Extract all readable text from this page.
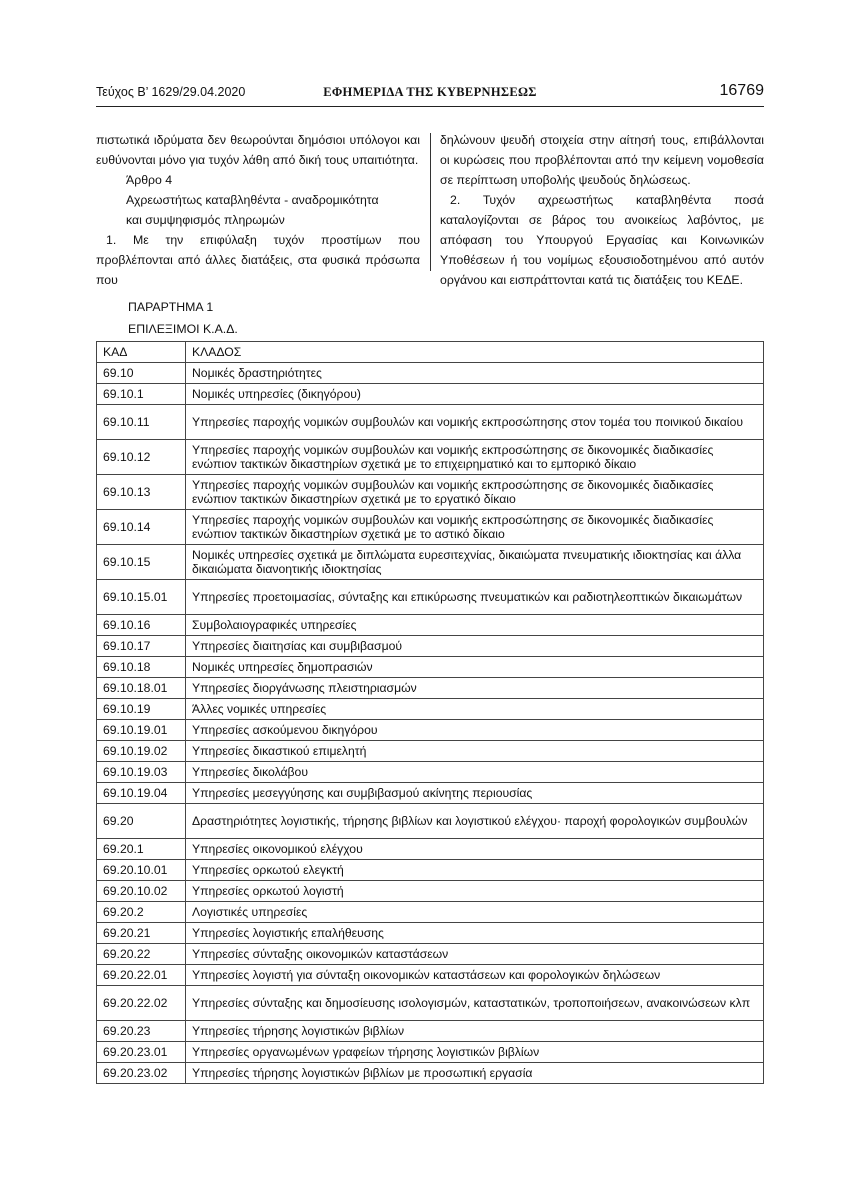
Τεύχος Β’ 1629/29.04.2020	ΕΦΗΜΕΡΙΔΑ ΤΗΣ ΚΥΒΕΡΝΗΣΕΩΣ	16769

πιστωτικά ιδρύματα δεν θεωρούνται δημόσιοι υπόλογοι και ευθύνονται μόνο για τυχόν λάθη από δική τους υπαιτιότητα.

Άρθρο 4

Αχρεωστήτως καταβληθέντα - αναδρομικότητα

και συμψηφισμός πληρωμών

1. Με την επιφύλαξη τυχόν προστίμων που προβλέπονται από άλλες διατάξεις, στα φυσικά πρόσωπα που

δηλώνουν ψευδή στοιχεία στην αίτησή τους, επιβάλλονται οι κυρώσεις που προβλέπονται από την κείμενη νομοθεσία σε περίπτωση υποβολής ψευδούς δηλώσεως.

2. Τυχόν αχρεωστήτως καταβληθέντα ποσά καταλογίζονται σε βάρος του ανοικείως λαβόντος, με απόφαση του Υπουργού Εργασίας και Κοινωνικών Υποθέσεων ή του νομίμως εξουσιοδοτημένου από αυτόν οργάνου και εισπράττονται κατά τις διατάξεις του ΚΕΔΕ.

ΠΑΡΑΡΤΗΜΑ 1
ΕΠΙΛΕΞΙΜΟΙ Κ.Α.Δ.
ΚΑΔ	ΚΛΑΔΟΣ
69.10	Νομικές δραστηριότητες
69.10.1	Νομικές υπηρεσίες (δικηγόρου)
69.10.11	Υπηρεσίες παροχής νομικών συμβουλών και νομικής εκπροσώπησης στον τομέα του ποινικού δικαίου
69.10.12	Υπηρεσίες παροχής νομικών συμβουλών και νομικής εκπροσώπησης σε δικονομικές διαδικασίες ενώπιον τακτικών δικαστηρίων σχετικά με το επιχειρηματικό και το εμπορικό δίκαιο
69.10.13	Υπηρεσίες παροχής νομικών συμβουλών και νομικής εκπροσώπησης σε δικονομικές διαδικασίες ενώπιον τακτικών δικαστηρίων σχετικά με το εργατικό δίκαιο
69.10.14	Υπηρεσίες παροχής νομικών συμβουλών και νομικής εκπροσώπησης σε δικονομικές διαδικασίες ενώπιον τακτικών δικαστηρίων σχετικά με το αστικό δίκαιο
69.10.15	Νομικές υπηρεσίες σχετικά με διπλώματα ευρεσιτεχνίας, δικαιώματα πνευματικής ιδιοκτησίας και άλλα δικαιώματα διανοητικής ιδιοκτησίας
69.10.15.01	Υπηρεσίες προετοιμασίας, σύνταξης και επικύρωσης πνευματικών και ραδιοτηλεοπτικών δικαιωμάτων
69.10.16	Συμβολαιογραφικές υπηρεσίες
69.10.17	Υπηρεσίες διαιτησίας και συμβιβασμού
69.10.18	Νομικές υπηρεσίες δημοπρασιών
69.10.18.01	Υπηρεσίες διοργάνωσης πλειστηριασμών
69.10.19	Άλλες νομικές υπηρεσίες
69.10.19.01	Υπηρεσίες ασκούμενου δικηγόρου
69.10.19.02	Υπηρεσίες δικαστικού επιμελητή
69.10.19.03	Υπηρεσίες δικολάβου
69.10.19.04	Υπηρεσίες μεσεγγύησης και συμβιβασμού ακίνητης περιουσίας
69.20	Δραστηριότητες λογιστικής, τήρησης βιβλίων και λογιστικού ελέγχου· παροχή φορολογικών συμβουλών
69.20.1	Υπηρεσίες οικονομικού ελέγχου
69.20.10.01	Υπηρεσίες ορκωτού ελεγκτή
69.20.10.02	Υπηρεσίες ορκωτού λογιστή
69.20.2	Λογιστικές υπηρεσίες
69.20.21	Υπηρεσίες λογιστικής επαλήθευσης
69.20.22	Υπηρεσίες σύνταξης οικονομικών καταστάσεων
69.20.22.01	Υπηρεσίες λογιστή για σύνταξη οικονομικών καταστάσεων και φορολογικών δηλώσεων
69.20.22.02	Υπηρεσίες σύνταξης και δημοσίευσης ισολογισμών, καταστατικών, τροποποιήσεων, ανακοινώσεων κλπ
69.20.23	Υπηρεσίες τήρησης λογιστικών βιβλίων
69.20.23.01	Υπηρεσίες οργανωμένων γραφείων τήρησης λογιστικών βιβλίων
69.20.23.02	Υπηρεσίες τήρησης λογιστικών βιβλίων με προσωπική εργασία
